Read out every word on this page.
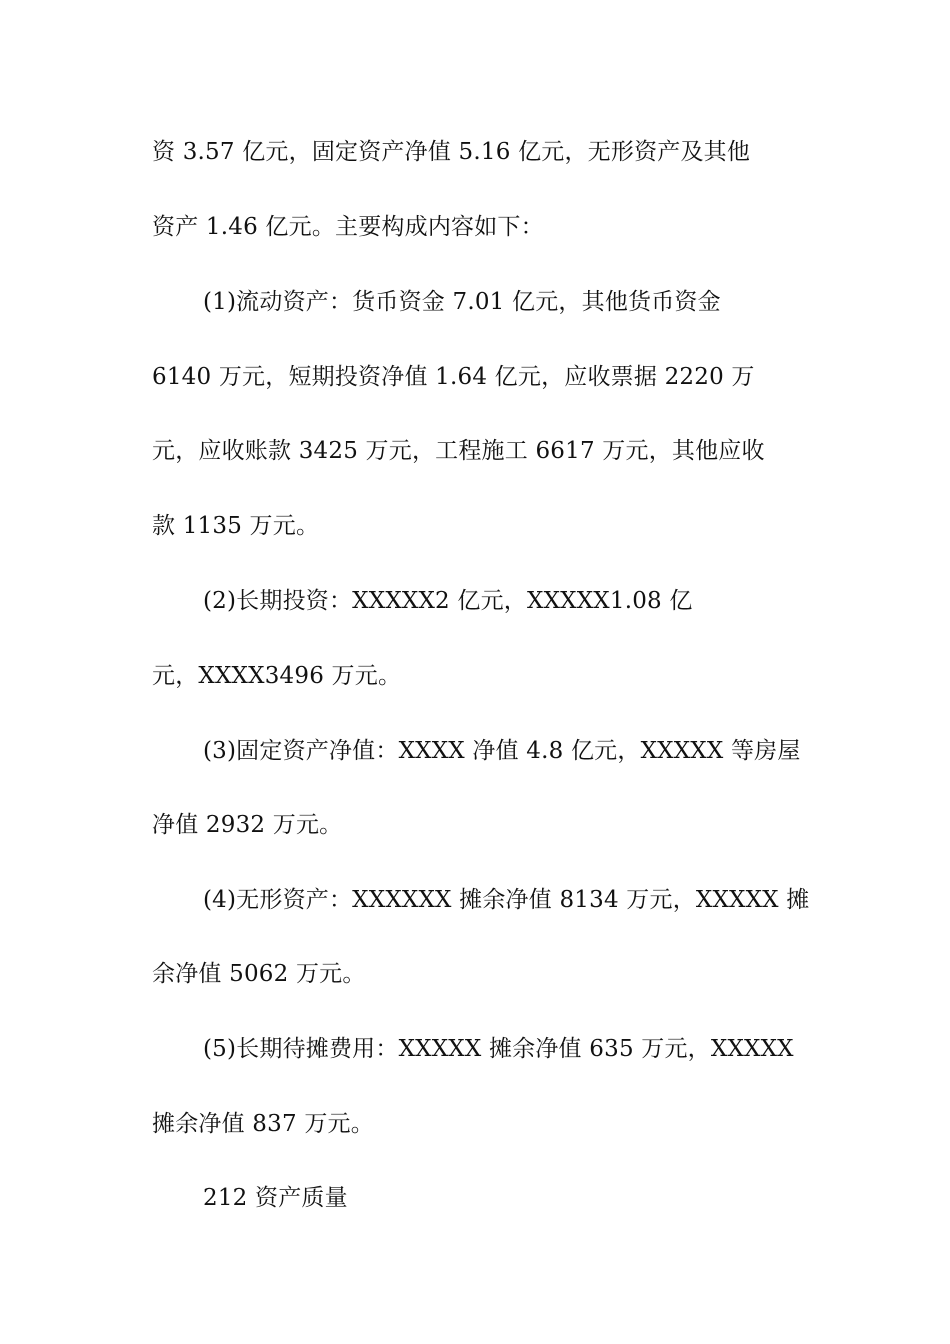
资 3.57 亿元，固定资产净值 5.16 亿元，无形资产及其他
资产 1.46 亿元。主要构成内容如下：
(1)流动资产：货币资金 7.01 亿元，其他货币资金
6140 万元，短期投资净值 1.64 亿元，应收票据 2220 万
元，应收账款 3425 万元，工程施工 6617 万元，其他应收
款 1135 万元。
(2)长期投资：XXXXX2 亿元，XXXXX1.08 亿
元，XXXX3496 万元。
(3)固定资产净值：XXXX 净值 4.8 亿元，XXXXX 等房屋
净值 2932 万元。
(4)无形资产：XXXXXX 摊余净值 8134 万元，XXXXX 摊
余净值 5062 万元。
(5)长期待摊费用：XXXXX 摊余净值 635 万元，XXXXX
摊余净值 837 万元。
212 资产质量
